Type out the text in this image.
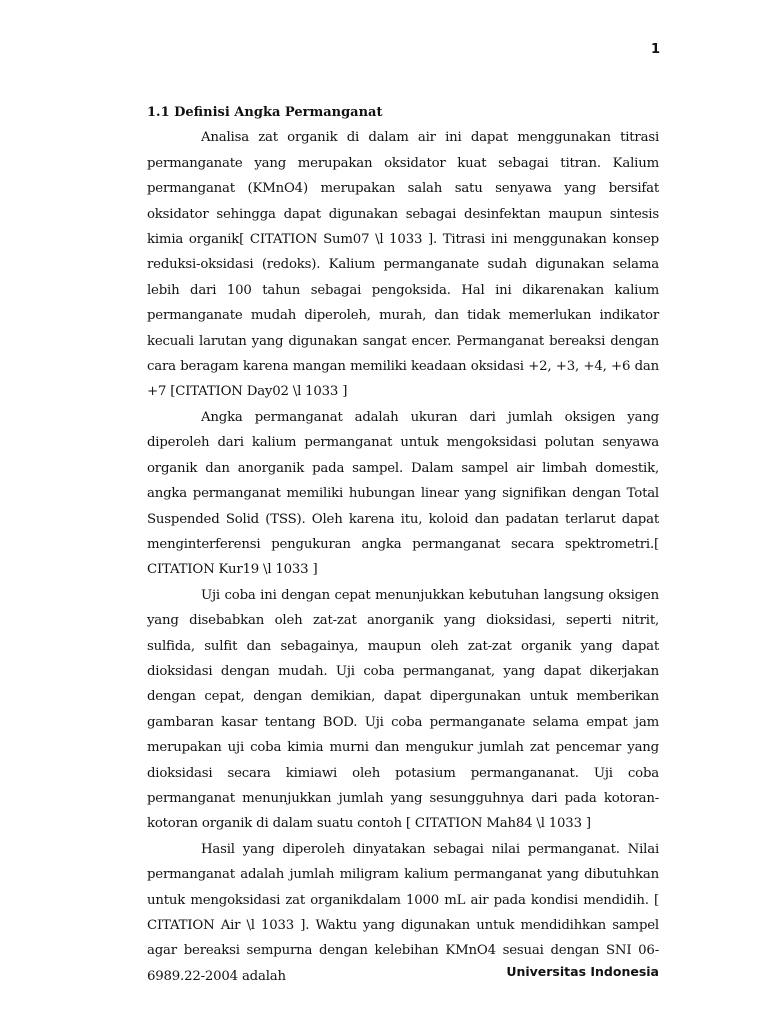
1
1.1 Definisi Angka Permanganat

Analisa zat organik di dalam air ini dapat menggunakan titrasi permanganate yang merupakan oksidator kuat sebagai titran. Kalium permanganat (KMnO4) merupakan salah satu senyawa yang bersifat oksidator sehingga dapat digunakan sebagai desinfektan maupun sintesis kimia organik[ CITATION Sum07 \l 1033 ]. Titrasi ini menggunakan konsep reduksi-oksidasi (redoks). Kalium permanganate sudah digunakan selama lebih dari 100 tahun sebagai pengoksida. Hal ini dikarenakan kalium permanganate mudah diperoleh, murah, dan tidak memerlukan indikator kecuali larutan yang digunakan sangat encer. Permanganat bereaksi dengan cara beragam karena mangan memiliki keadaan oksidasi +2, +3, +4, +6 dan +7 [CITATION Day02 \l 1033 ]

Angka permanganat adalah ukuran dari jumlah oksigen yang diperoleh dari kalium permanganat untuk mengoksidasi polutan senyawa organik dan anorganik pada sampel. Dalam sampel air limbah domestik, angka permanganat memiliki hubungan linear yang signifikan dengan Total Suspended Solid (TSS). Oleh karena itu, koloid dan padatan terlarut dapat menginterferensi pengukuran angka permanganat secara spektrometri.[ CITATION Kur19 \l 1033 ]

Uji coba ini dengan cepat menunjukkan kebutuhan langsung oksigen yang disebabkan oleh zat-zat anorganik yang dioksidasi, seperti nitrit, sulfida, sulfit dan sebagainya, maupun oleh zat-zat organik yang dapat dioksidasi dengan mudah. Uji coba permanganat, yang dapat dikerjakan dengan cepat, dengan demikian, dapat dipergunakan untuk memberikan gambaran kasar tentang BOD. Uji coba permanganate selama empat jam merupakan uji coba kimia murni dan mengukur jumlah zat pencemar yang dioksidasi secara kimiawi oleh potasium permangananat. Uji coba permanganat menunjukkan jumlah yang sesungguhnya dari pada kotoran-kotoran organik di dalam suatu contoh [ CITATION Mah84 \l 1033 ]

Hasil yang diperoleh dinyatakan sebagai nilai permanganat. Nilai permanganat adalah jumlah miligram kalium permanganat yang dibutuhkan untuk mengoksidasi zat organikdalam 1000 mL air pada kondisi mendidih. [ CITATION Air \l 1033 ]. Waktu yang digunakan untuk mendidihkan sampel agar bereaksi sempurna dengan kelebihan KMnO4 sesuai dengan SNI 06-6989.22-2004 adalah	Universitas Indonesia
